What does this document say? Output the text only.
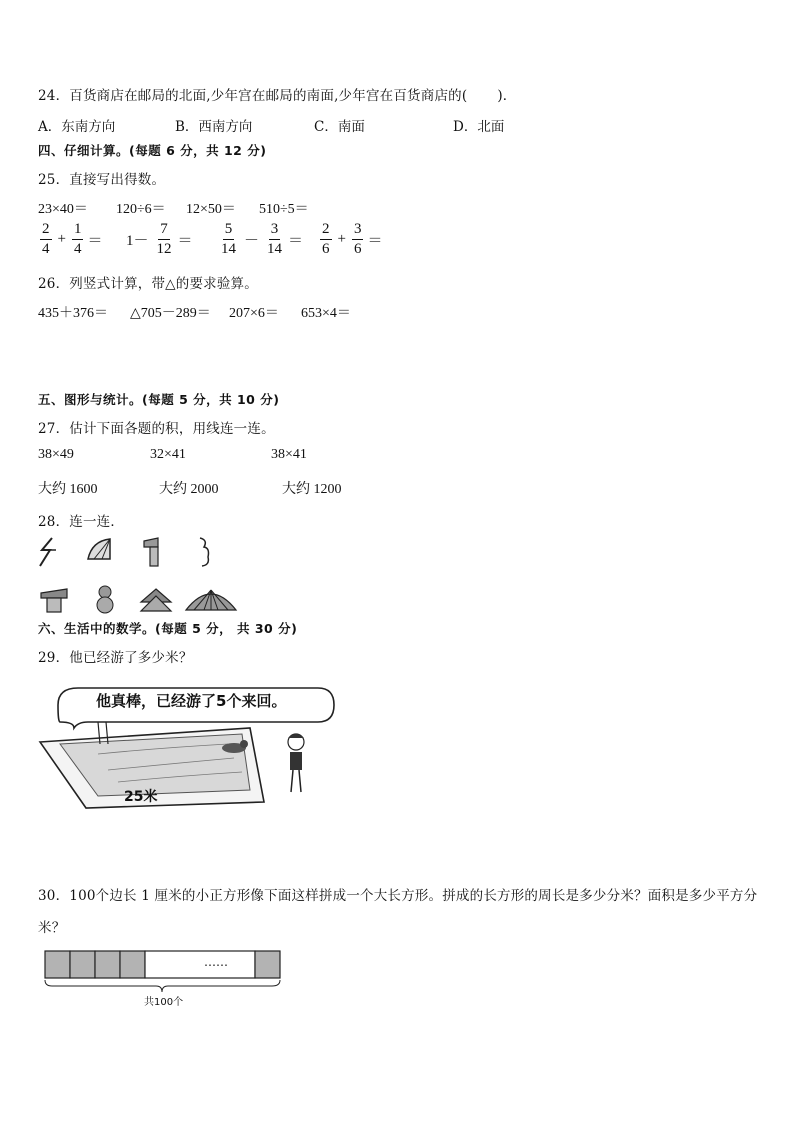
24．百货商店在邮局的北面,少年宫在邮局的南面,少年宫在百货商店的( )．
A．东南方向	B．西南方向	C．南面	D．北面
四、仔细计算。(每题 6 分，共 12 分)
25．直接写出得数。
23×40＝ 120÷6＝ 12×50＝ 510÷5＝
$\frac{2}{4} + \frac{1}{4} = 1- \frac{7}{12} = \frac{5}{14} - \frac{3}{14} = \frac{2}{6} + \frac{3}{6}$ ＝
26．列竖式计算，带△的要求验算。
435＋376＝ △705－289＝ 207×6＝ 653×4＝
五、图形与统计。(每题 5 分，共 10 分)
27．估计下面各题的积，用线连一连。
38×49	32×41	38×41
大约 1600	大约 2000	大约 1200
28．连一连．
六、生活中的数学。(每题 5 分， 共 30 分)
29．他已经游了多少米？
他真棒，已经游了5个来回。
25米
30．100个边长 1 厘米的小正方形像下面这样拼成一个大长方形。拼成的长方形的周长是多少分米？面积是多少平方分
米？
……
共100个
